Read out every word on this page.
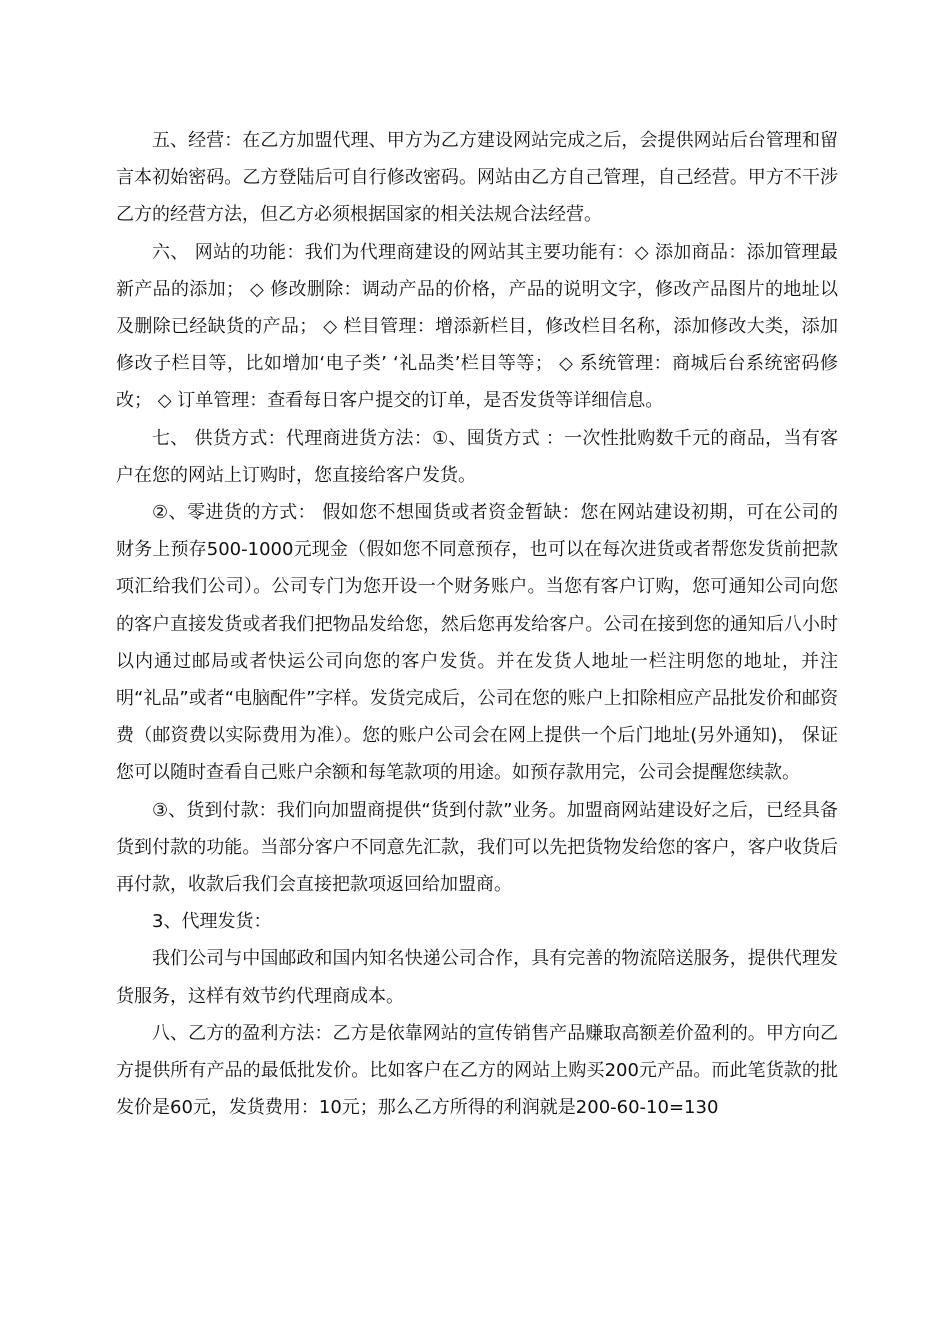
五、经营：在乙方加盟代理、甲方为乙方建设网站完成之后，会提供网站后台管理和留言本初始密码。乙方登陆后可自行修改密码。网站由乙方自己管理，自己经营。甲方不干涉乙方的经营方法，但乙方必须根据国家的相关法规合法经营。

六、 网站的功能：我们为代理商建设的网站其主要功能有：◇ 添加商品：添加管理最新产品的添加； ◇ 修改删除：调动产品的价格，产品的说明文字，修改产品图片的地址以及删除已经缺货的产品； ◇ 栏目管理：增添新栏目，修改栏目名称，添加修改大类，添加修改子栏目等，比如增加‘电子类’ ‘礼品类’栏目等等； ◇ 系统管理：商城后台系统密码修改； ◇ 订单管理：查看每日客户提交的订单，是否发货等详细信息。

七、 供货方式：代理商进货方法：①、囤货方式 ：一次性批购数千元的商品，当有客户在您的网站上订购时，您直接给客户发货。

②、零进货的方式： 假如您不想囤货或者资金暂缺：您在网站建设初期，可在公司的财务上预存500-1000元现金（假如您不同意预存，也可以在每次进货或者帮您发货前把款项汇给我们公司）。公司专门为您开设一个财务账户。当您有客户订购，您可通知公司向您的客户直接发货或者我们把物品发给您，然后您再发给客户。公司在接到您的通知后八小时以内通过邮局或者快运公司向您的客户发货。并在发货人地址一栏注明您的地址，并注明“礼品”或者“电脑配件”字样。发货完成后，公司在您的账户上扣除相应产品批发价和邮资费（邮资费以实际费用为准）。您的账户公司会在网上提供一个后门地址(另外通知)， 保证您可以随时查看自己账户余额和每笔款项的用途。如预存款用完，公司会提醒您续款。

③、货到付款：我们向加盟商提供“货到付款”业务。加盟商网站建设好之后，已经具备货到付款的功能。当部分客户不同意先汇款，我们可以先把货物发给您的客户，客户收货后再付款，收款后我们会直接把款项返回给加盟商。

3、代理发货：

我们公司与中国邮政和国内知名快递公司合作，具有完善的物流陪送服务，提供代理发货服务，这样有效节约代理商成本。

八、乙方的盈利方法：乙方是依靠网站的宣传销售产品赚取高额差价盈利的。甲方向乙方提供所有产品的最低批发价。比如客户在乙方的网站上购买200元产品。而此笔货款的批发价是60元，发货费用：10元；那么乙方所得的利润就是200-60-10=130
